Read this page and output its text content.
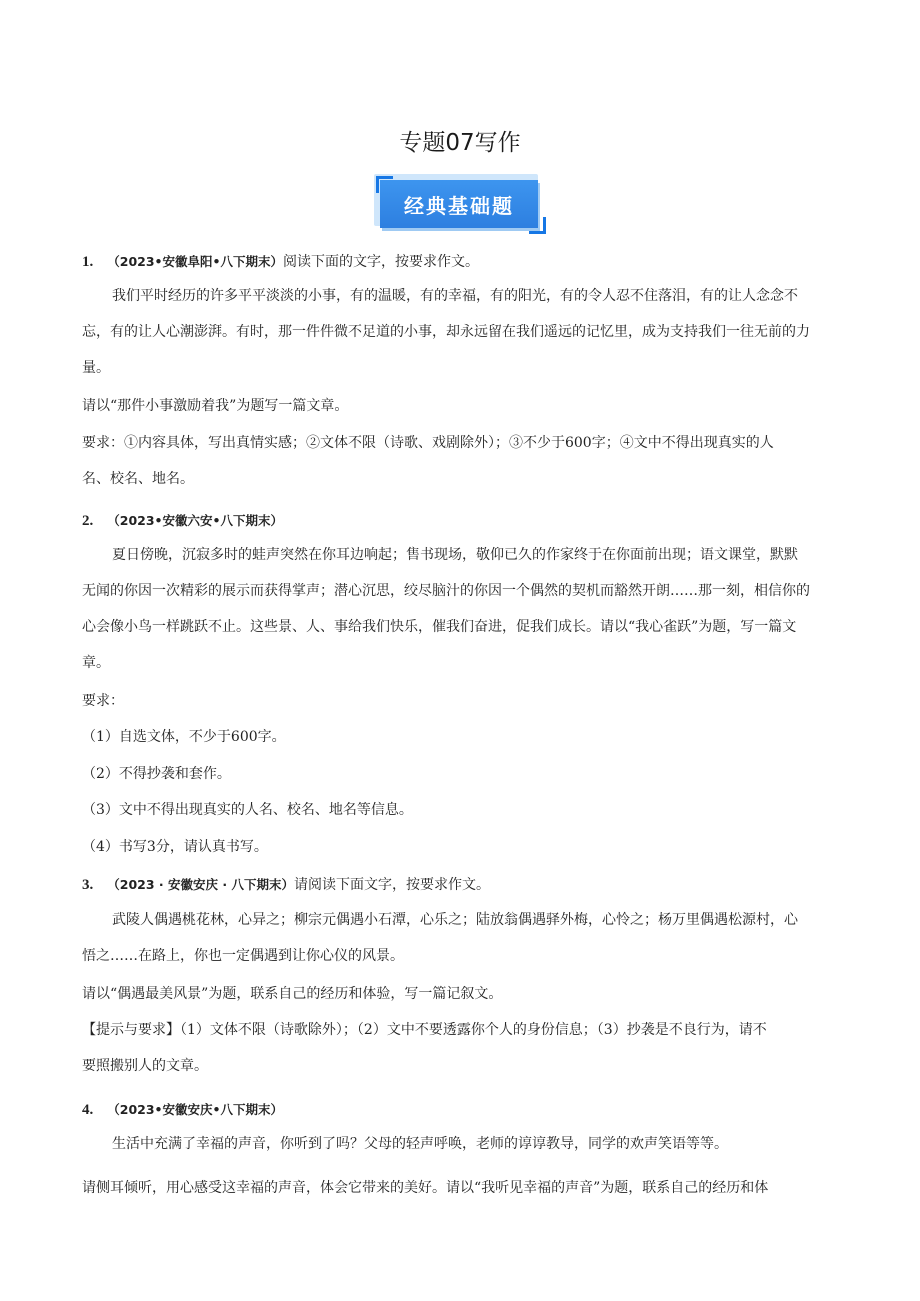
专题07写作
经典基础题
1. （2023•安徽阜阳•八下期末）阅读下面的文字，按要求作文。
我们平时经历的许多平平淡淡的小事，有的温暖，有的幸福，有的阳光，有的令人忍不住落泪，有的让人念念不
忘，有的让人心潮澎湃。有时，那一件件微不足道的小事，却永远留在我们遥远的记忆里，成为支持我们一往无前的力
量。
请以“那件小事激励着我”为题写一篇文章。
要求：①内容具体，写出真情实感；②文体不限（诗歌、戏剧除外）；③不少于600字；④文中不得出现真实的人
名、校名、地名。
2. （2023•安徽六安•八下期末）
夏日傍晚，沉寂多时的蛙声突然在你耳边响起；售书现场，敬仰已久的作家终于在你面前出现；语文课堂，默默
无闻的你因一次精彩的展示而获得掌声；潜心沉思，绞尽脑汁的你因一个偶然的契机而豁然开朗……那一刻，相信你的
心会像小鸟一样跳跃不止。这些景、人、事给我们快乐，催我们奋进，促我们成长。请以“我心雀跃”为题，写一篇文
章。
要求：
（1）自选文体，不少于600字。
（2）不得抄袭和套作。
（3）文中不得出现真实的人名、校名、地名等信息。
（4）书写3分，请认真书写。
3. （2023 · 安徽安庆 · 八下期末）请阅读下面文字，按要求作文。
武陵人偶遇桃花林，心异之；柳宗元偶遇小石潭，心乐之；陆放翁偶遇驿外梅，心怜之；杨万里偶遇松源村，心
悟之……在路上，你也一定偶遇到让你心仪的风景。
请以“偶遇最美风景”为题，联系自己的经历和体验，写一篇记叙文。
【提示与要求】（1）文体不限（诗歌除外）；（2）文中不要透露你个人的身份信息；（3）抄袭是不良行为，请不
要照搬别人的文章。
4. （2023•安徽安庆•八下期末）
生活中充满了幸福的声音，你听到了吗？父母的轻声呼唤，老师的谆谆教导，同学的欢声笑语等等。
请侧耳倾听，用心感受这幸福的声音，体会它带来的美好。请以“我听见幸福的声音”为题，联系自己的经历和体
